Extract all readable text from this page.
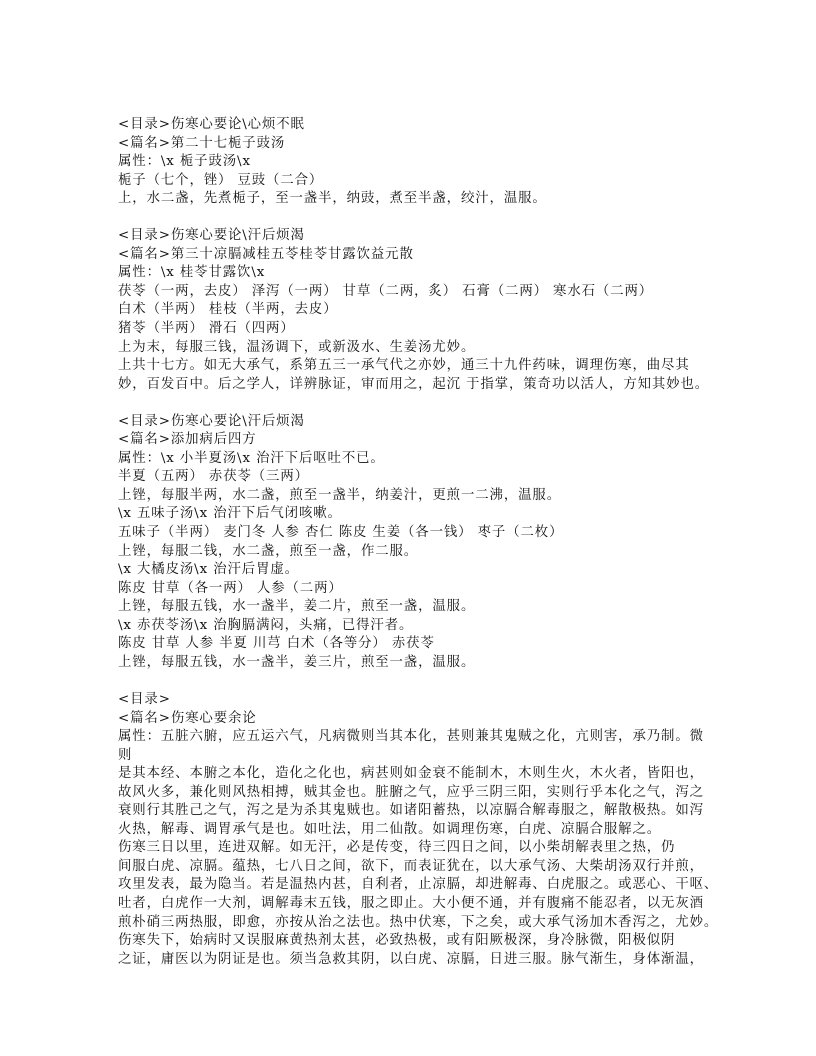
<目录>伤寒心要论\心烦不眠
<篇名>第二十七栀子豉汤
属性：\x 栀子豉汤\x
栀子（七个，锉） 豆豉（二合）
上，水二盏，先煮栀子，至一盏半，纳豉，煮至半盏，绞汁，温服。
<目录>伤寒心要论\汗后烦渴
<篇名>第三十凉膈减桂五苓桂苓甘露饮益元散
属性：\x 桂苓甘露饮\x
茯苓（一两，去皮） 泽泻（一两） 甘草（二两，炙） 石膏（二两） 寒水石（二两）
白术（半两） 桂枝（半两，去皮）
猪苓（半两） 滑石（四两）
上为末，每服三钱，温汤调下，或新汲水、生姜汤尤妙。
上共十七方。如无大承气，系第五三一承气代之亦妙，通三十九件药味，调理伤寒，曲尽其
妙，百发百中。后之学人，详辨脉证，审而用之，起沉 于指掌，策奇功以活人，方知其妙也。
<目录>伤寒心要论\汗后烦渴
<篇名>添加病后四方
属性：\x 小半夏汤\x 治汗下后呕吐不已。
半夏（五两） 赤茯苓（三两）
上锉，每服半两，水二盏，煎至一盏半，纳姜汁，更煎一二沸，温服。
\x 五味子汤\x 治汗下后气闭咳嗽。
五味子（半两） 麦门冬 人参 杏仁 陈皮 生姜（各一钱） 枣子（二枚）
上锉，每服二钱，水二盏，煎至一盏，作二服。
\x 大橘皮汤\x 治汗后胃虚。
陈皮 甘草（各一两） 人参（二两）
上锉，每服五钱，水一盏半，姜二片，煎至一盏，温服。
\x 赤茯苓汤\x 治胸膈满闷，头痛，已得汗者。
陈皮 甘草 人参 半夏 川芎 白术（各等分） 赤茯苓
上锉，每服五钱，水一盏半，姜三片，煎至一盏，温服。
<目录>
<篇名>伤寒心要余论
属性：五脏六腑，应五运六气，凡病微则当其本化，甚则兼其鬼贼之化，亢则害，承乃制。微
则
是其本经、本腑之本化，造化之化也，病甚则如金衰不能制木，木则生火，木火者，皆阳也，
故风火多，兼化则风热相搏，贼其金也。脏腑之气，应乎三阴三阳，实则行乎本化之气，泻之
衰则行其胜己之气，泻之是为杀其鬼贼也。如诸阳蓄热，以凉膈合解毒服之，解散极热。如泻
火热，解毒、调胃承气是也。如吐法，用二仙散。如调理伤寒，白虎、凉膈合服解之。
伤寒三日以里，连进双解。如无汗，必是传变，待三四日之间，以小柴胡解表里之热，仍
间服白虎、凉膈。蕴热，七八日之间，欲下，而表证犹在，以大承气汤、大柴胡汤双行并煎，
攻里发表，最为隐当。若是温热内甚，自利者，止凉膈，却进解毒、白虎服之。或恶心、干呕、
吐者，白虎作一大剂，调解毒末五钱，服之即止。大小便不通，并有腹痛不能忍者，以无灰酒
煎朴硝三两热服，即愈，亦按从治之法也。热中伏寒，下之矣，或大承气汤加木香泻之，尤妙。
伤寒失下，始病时又误服麻黄热剂太甚，必致热极，或有阳厥极深，身冷脉微，阳极似阴
之证，庸医以为阴证是也。须当急救其阴，以白虎、凉膈，日进三服。脉气渐生，身体渐温，
